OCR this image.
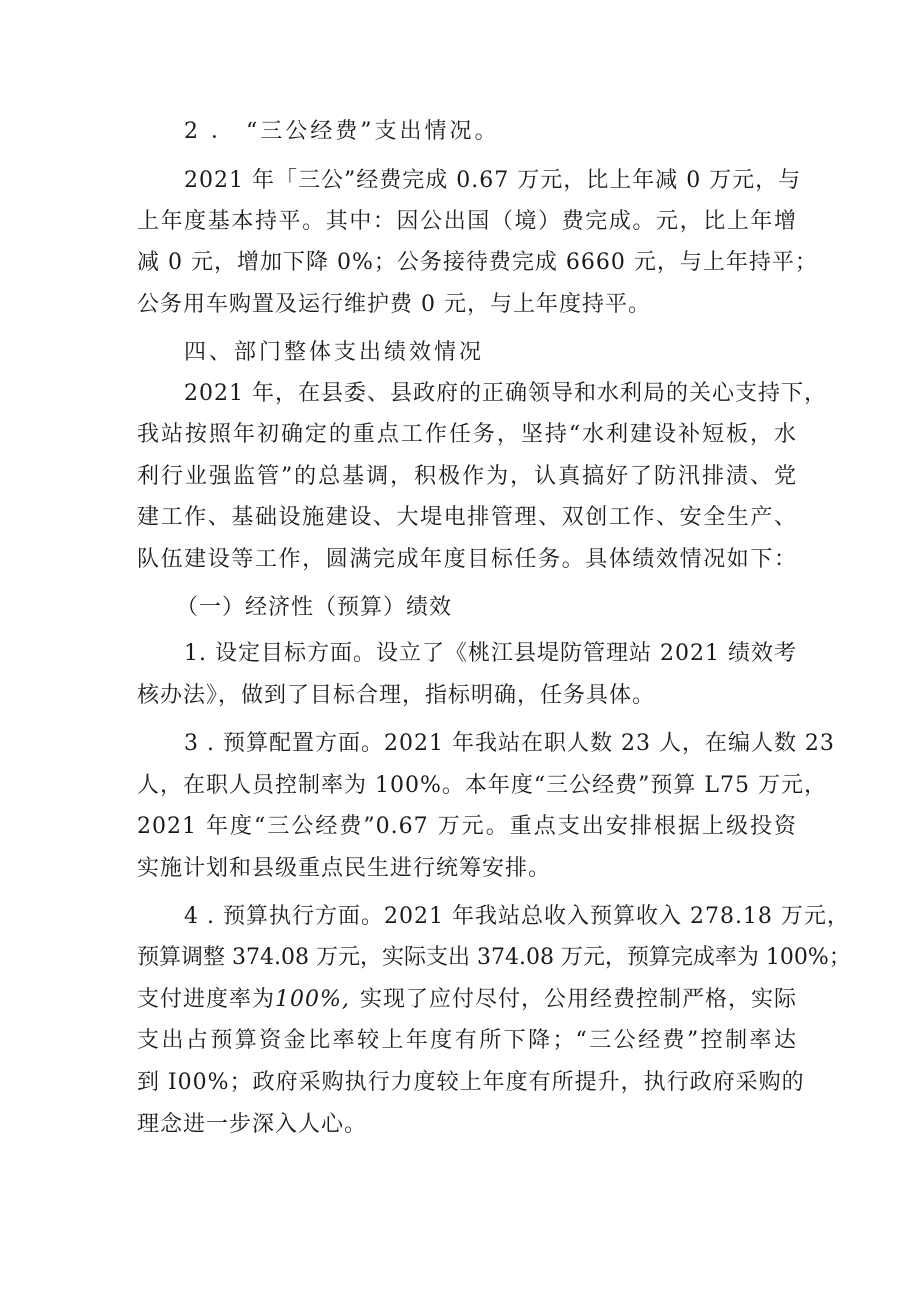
2 ． “三公经费”支出情况。
2021 年「三公”经费完成 0.67 万元，比上年减 0 万元，与
上年度基本持平。其中：因公出国（境）费完成。元，比上年增
减 0 元，增加下降 0%；公务接待费完成 6660 元，与上年持平；
公务用车购置及运行维护费 0 元，与上年度持平。
四、部门整体支出绩效情况
2021 年，在县委、县政府的正确领导和水利局的关心支持下，
我站按照年初确定的重点工作任务，坚持“水利建设补短板，水
利行业强监管”的总基调，积极作为，认真搞好了防汛排渍、党
建工作、基础设施建设、大堤电排管理、双创工作、安全生产、
队伍建设等工作，圆满完成年度目标任务。具体绩效情况如下：
（一）经济性（预算）绩效
1. 设定目标方面。设立了《桃江县堤防管理站 2021 绩效考
核办法》，做到了目标合理，指标明确，任务具体。
3 . 预算配置方面。2021 年我站在职人数 23 人，在编人数 23
人，在职人员控制率为 100%。本年度“三公经费”预算 L75 万元，
2021 年度“三公经费”0.67 万元。重点支出安排根据上级投资
实施计划和县级重点民生进行统筹安排。
4 . 预算执行方面。2021 年我站总收入预算收入 278.18 万元，
预算调整 374.08 万元，实际支出 374.08 万元，预算完成率为 100%；
支付进度率为 100%, 实现了应付尽付，公用经费控制严格，实际
支出占预算资金比率较上年度有所下降；“三公经费”控制率达
到 I00%；政府采购执行力度较上年度有所提升，执行政府采购的
理念进一步深入人心。
